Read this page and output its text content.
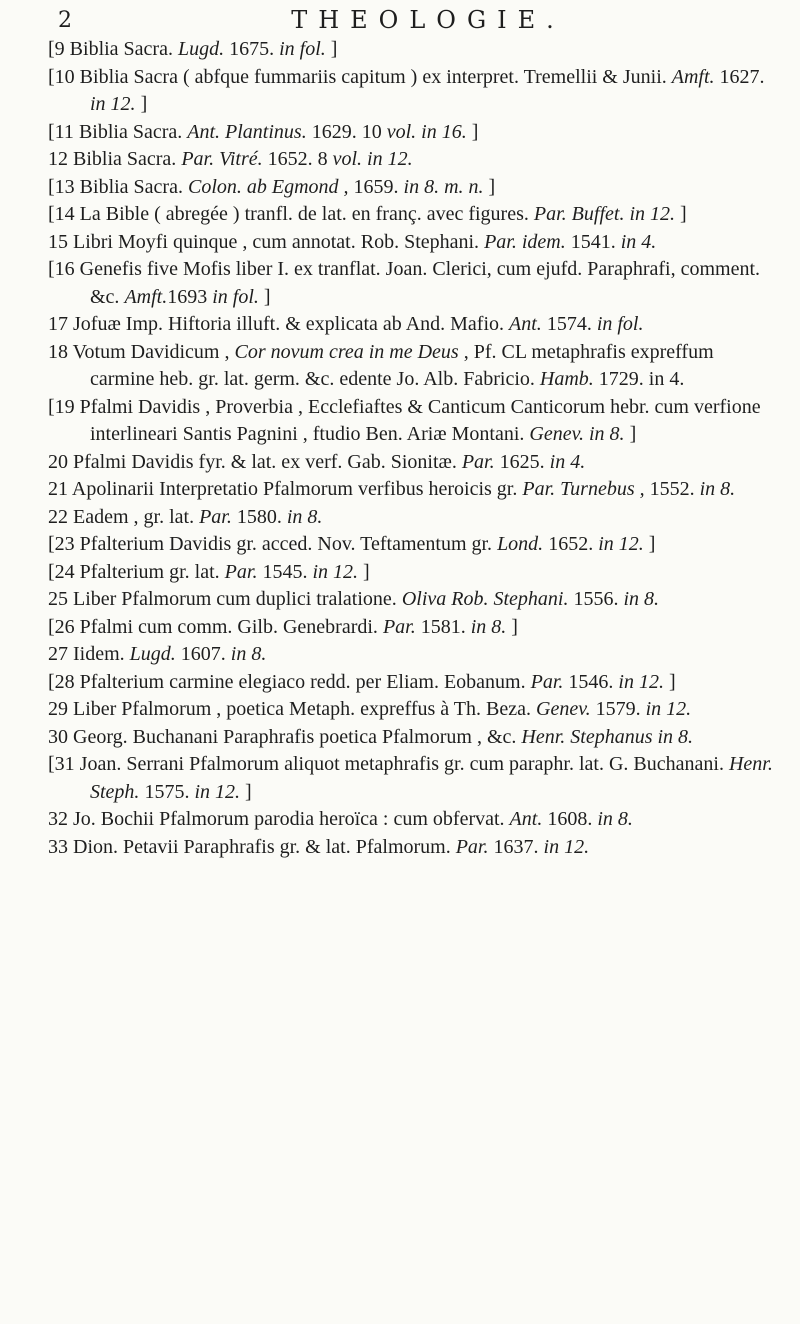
2	THEOLOGIE.

[9 Biblia Sacra. Lugd. 1675. in fol. ]

[10 Biblia Sacra ( abfque fummariis capitum ) ex interpret. Tremellii & Junii. Amft. 1627. in 12. ]

[11 Biblia Sacra. Ant. Plantinus. 1629. 10 vol. in 16. ]

12 Biblia Sacra. Par. Vitré. 1652. 8 vol. in 12.

[13 Biblia Sacra. Colon. ab Egmond , 1659. in 8. m. n. ]

[14 La Bible ( abregée ) tranfl. de lat. en franç. avec figures. Par. Buffet. in 12. ]

15 Libri Moyfi quinque , cum annotat. Rob. Stephani. Par. idem. 1541. in 4.

[16 Genefis five Mofis liber I. ex tranflat. Joan. Clerici, cum ejufd. Paraphrafi, comment. &c. Amft.1693 in fol. ]

17 Jofuæ Imp. Hiftoria illuft. & explicata ab And. Mafio. Ant. 1574. in fol.

18 Votum Davidicum , Cor novum crea in me Deus , Pf. CL metaphrafis expreffum carmine heb. gr. lat. germ. &c. edente Jo. Alb. Fabricio. Hamb. 1729. in 4.

[19 Pfalmi Davidis , Proverbia , Ecclefiaftes & Canticum Canticorum hebr. cum verfione interlineari Santis Pagnini , ftudio Ben. Ariæ Montani. Genev. in 8. ]

20 Pfalmi Davidis fyr. & lat. ex verf. Gab. Sionitæ. Par. 1625. in 4.

21 Apolinarii Interpretatio Pfalmorum verfibus heroicis gr. Par. Turnebus , 1552. in 8.

22 Eadem , gr. lat. Par. 1580. in 8.

[23 Pfalterium Davidis gr. acced. Nov. Teftamentum gr. Lond. 1652. in 12. ]

[24 Pfalterium gr. lat. Par. 1545. in 12. ]

25 Liber Pfalmorum cum duplici tralatione. Oliva Rob. Stephani. 1556. in 8.

[26 Pfalmi cum comm. Gilb. Genebrardi. Par. 1581. in 8. ]

27 Iidem. Lugd. 1607. in 8.

[28 Pfalterium carmine elegiaco redd. per Eliam. Eobanum. Par. 1546. in 12. ]

29 Liber Pfalmorum , poetica Metaph. expreffus à Th. Beza. Genev. 1579. in 12.

30 Georg. Buchanani Paraphrafis poetica Pfalmorum , &c. Henr. Stephanus in 8.

[31 Joan. Serrani Pfalmorum aliquot metaphrafis gr. cum paraphr. lat. G. Buchanani. Henr. Steph. 1575. in 12. ]

32 Jo. Bochii Pfalmorum parodia heroïca : cum obfervat. Ant. 1608. in 8.

33 Dion. Petavii Paraphrafis gr. & lat. Pfalmorum. Par. 1637. in 12.
